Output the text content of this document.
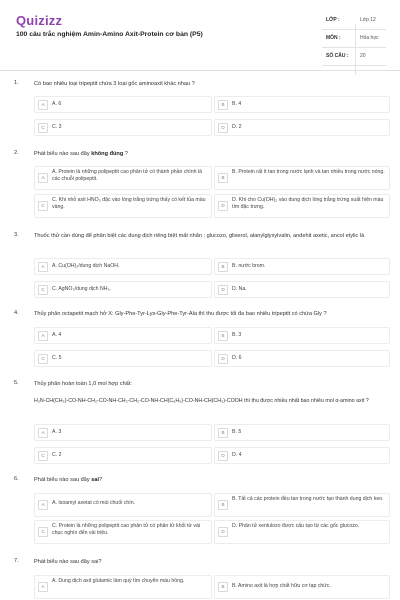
Quizizz
100 câu trắc nghiệm Amin-Amino Axit-Protein cơ bản (P5)
LỚP :	Lớp 12
MÔN :	Hóa học
SỐ CÂU : 20
1.	Có bao nhiêu loại tripeptit chứa 3 loại gốc aminoaxit khác nhau ?
A	A. 6	B	B. 4
C	C. 3	D	D. 2
2.	Phát biểu nào sau đây không đúng ?
A
A. Protein là những polipeptit cao phân tử có thành phần chính là các chuỗi polipeptit.	B
B. Protein rất ít tan trong nước lạnh và tan nhiều trong nước nóng.
C
C. Khi nhỏ axit HNO₃ đặc vào lòng trắng trứng thấy có kết tủa màu vàng.	D
D. Khi cho Cu(OH)₂ vào dung dịch lòng trắng trứng xuất hiện màu tím đặc trưng.
3.	Thuốc thử cần dùng để phân biệt các dung dịch riêng biệt mất nhãn : glucozo, glixerol, alanylglyxylvalin, andehit axetic, ancol etylic là
A	A. Cu(OH)₂/dung dịch NaOH.	B	B. nước brom.
C	C. AgNO₃/dung dịch NH₃.	D	D. Na.
4.	Thủy phân octapetit mạch hở X: Gly-Phe-Tyr-Lys-Gly-Phe-Tyr-Ala thì thu được tối đa bao nhiêu tripeptit có chứa Gly ?
A	A. 4	B	B. 3
C	C. 5	D	D. 6
5.	Thủy phân hoàn toàn 1,0 mol hợp chất:
H₂N-CH(CH₃)-CO-NH-CH₂-CO-NH-CH₂-CH₂-CO-NH-CH(C₆H₅)-CO-NH-CH(CH₃)-COOH thì thu được nhiều nhất bao nhiêu mol α-amino axit ?
A	A. 3	B	B. 5
C	C. 2	D	D. 4
6.	Phát biểu nào sau đây sai?
A	A. Isoamyl axetat có mùi chuối chín.	B
B. Tất cả các protein đều tan trong nước tạo thành dung dịch keo.
C
C. Protein là những polipeptit cao phân tử có phân tử khối từ vài chục nghìn đến vài triệu.	D
D. Phân tử xenlulozo được cấu tạo từ các gốc glucozo.
7.	Phát biểu nào sau đây sai?
A
A. Dung dịch axit glutamic làm quỳ tím chuyển màu hồng.
B	B. Amino axit là hợp chất hữu cơ tạp chức.
